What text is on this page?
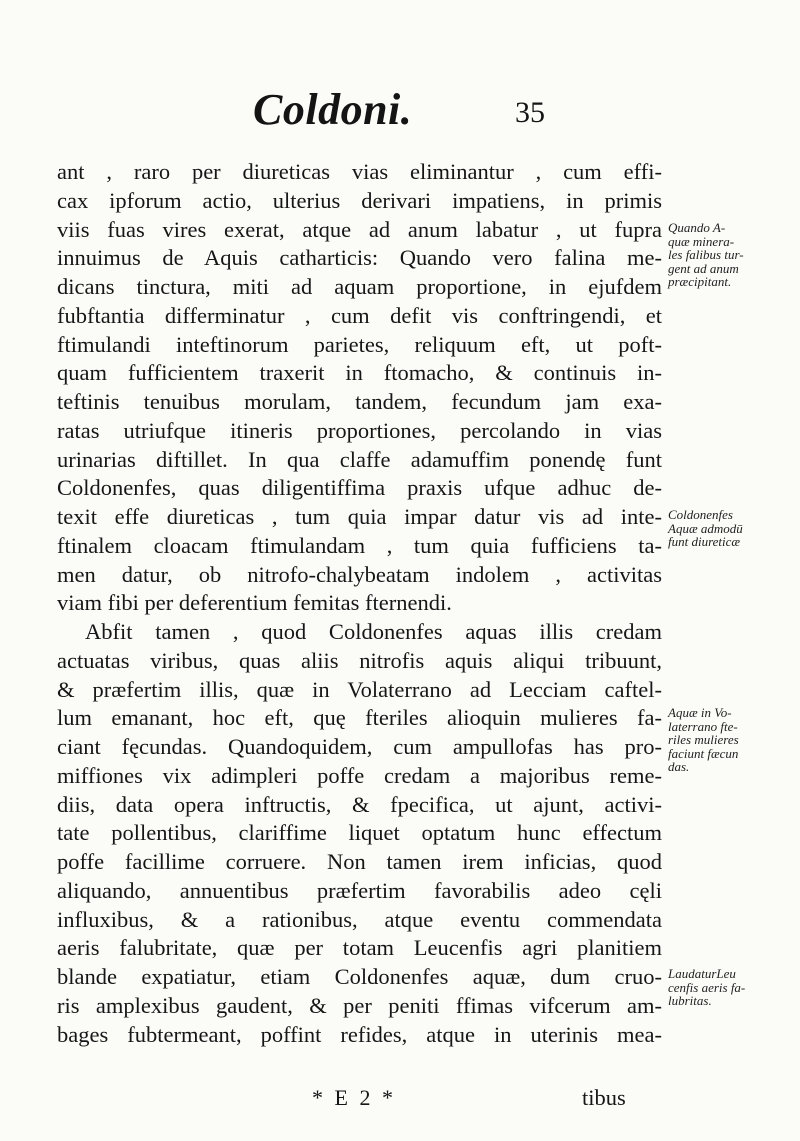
Coldoni.	35
ant , raro per diureticas vias eliminantur , cum effi-
cax ipforum actio, ulterius derivari impatiens, in primis
viis fuas vires exerat, atque ad anum labatur , ut fupra
innuimus de Aquis catharticis: Quando vero falina me-
dicans tinctura, miti ad aquam proportione, in ejufdem
fubftantia differminatur , cum defit vis conftringendi, et
ftimulandi inteftinorum parietes, reliquum eft, ut poft-
quam fufficientem traxerit in ftomacho, & continuis in-
teftinis tenuibus morulam, tandem, fecundum jam exa-
ratas utriufque itineris proportiones, percolando in vias
urinarias diftillet. In qua claffe adamuffim ponendę funt
Coldonenfes, quas diligentiffima praxis ufque adhuc de-
texit effe diureticas , tum quia impar datur vis ad inte-
ftinalem cloacam ftimulandam , tum quia fufficiens ta-
men datur, ob nitrofo-chalybeatam indolem , activitas
viam fibi per deferentium femitas fternendi.
Abfit tamen , quod Coldonenfes aquas illis credam
actuatas viribus, quas aliis nitrofis aquis aliqui tribuunt,
& præfertim illis, quæ in Volaterrano ad Lecciam caftel-
lum emanant, hoc eft, quę fteriles alioquin mulieres fa-
ciant fęcundas. Quandoquidem, cum ampullofas has pro-
miffiones vix adimpleri poffe credam a majoribus reme-
diis, data opera inftructis, & fpecifica, ut ajunt, activi-
tate pollentibus, clariffime liquet optatum hunc effectum
poffe facillime corruere. Non tamen irem inficias, quod
aliquando, annuentibus præfertim favorabilis adeo cęli
influxibus, & a rationibus, atque eventu commendata
aeris falubritate, quæ per totam Leucenfis agri planitiem
blande expatiatur, etiam Coldonenfes aquæ, dum cruo-
ris amplexibus gaudent, & per peniti ffimas vifcerum am-
bages fubtermeant, poffint refides, atque in uterinis mea-
Quando A-
quæ minera-
les falibus tur-
gent ad anum
præcipitant.
Coldonenfes
Aquæ admodū
funt diureticæ
Aquæ in Vo-
laterrano fte-
riles mulieres
faciunt fæcun
das.
LaudaturLeu
cenfis aeris fa-
lubritas.
* E 2 *	tibus
